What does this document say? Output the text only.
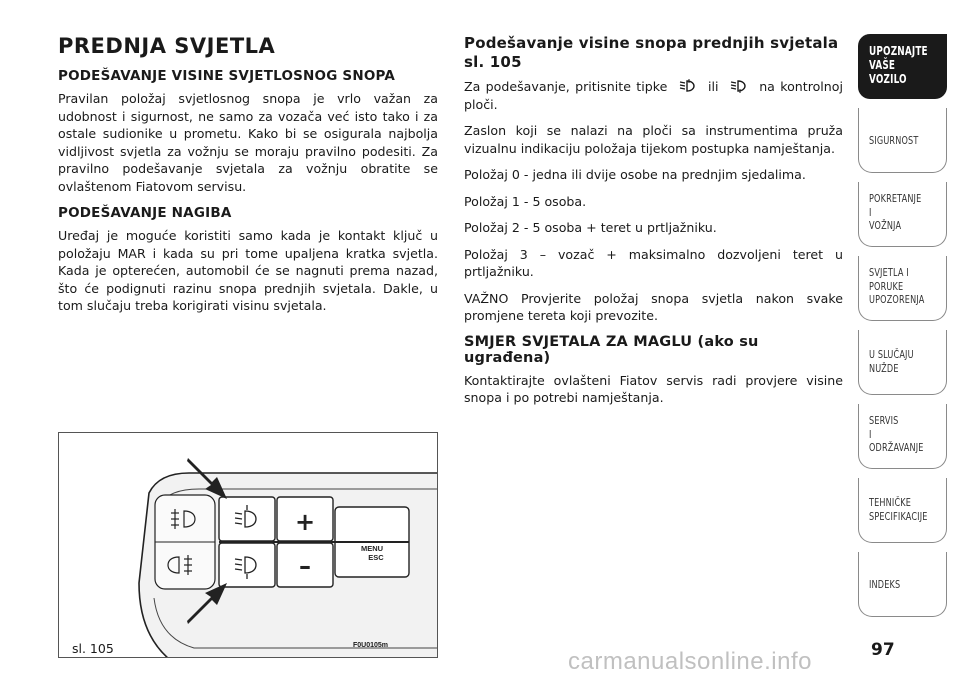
PREDNJA SVJETLA
PODEŠAVANJE VISINE SVJETLOSNOG SNOPA

Pravilan položaj svjetlosnog snopa je vrlo važan za udobnost i sigurnost, ne samo za vozača već isto tako i za ostale sudionike u prometu. Kako bi se osigurala najbolja vidljivost svjetla za vožnju se moraju pravilno podesiti. Za pravilno podešavanje svjetala za vožnju obratite se ovlaštenom Fiatovom servisu.

PODEŠAVANJE NAGIBA

Uređaj je moguće koristiti samo kada je kontakt ključ u položaju MAR i kada su pri tome upaljena kratka svjetla. Kada je opterećen, automobil će se nagnuti prema nazad, što će podignuti razinu snopa prednjih svjetala. Dakle, u tom slučaju treba korigirati visinu svjetala.

Podešavanje visine snopa prednjih svjetala sl. 105

Za podešavanje, pritisnite tipke	ili	na kontrolnoj ploči.

Zaslon koji se nalazi na ploči sa instrumentima pruža vizualnu indikaciju položaja tijekom postupka namještanja.

Položaj 0 - jedna ili dvije osobe na prednjim sjedalima.

Položaj 1 - 5 osoba.

Položaj 2 - 5 osoba + teret u prtljažniku.

Položaj 3 – vozač + maksimalno dozvoljeni teret u prtljažniku.

VAŽNO Provjerite položaj snopa svjetla nakon svake promjene tereta koji prevozite.

SMJER SVJETALA ZA MAGLU (ako su ugrađena)

Kontaktirajte ovlašteni Fiatov servis radi provjere visine snopa i po potrebi namještanja.

+
–
MENU
ESC
sl. 105	F0U0105m
UPOZNAJTE
VAŠE
VOZILO
SIGURNOST
POKRETANJE
I
VOŽNJA
SVJETLA I
PORUKE
UPOZORENJA
U SLUČAJU
NUŽDE
SERVIS
I
ODRŽAVANJE
TEHNIČKE
SPECIFIKACIJE
INDEKS
97
carmanualsonline.info
